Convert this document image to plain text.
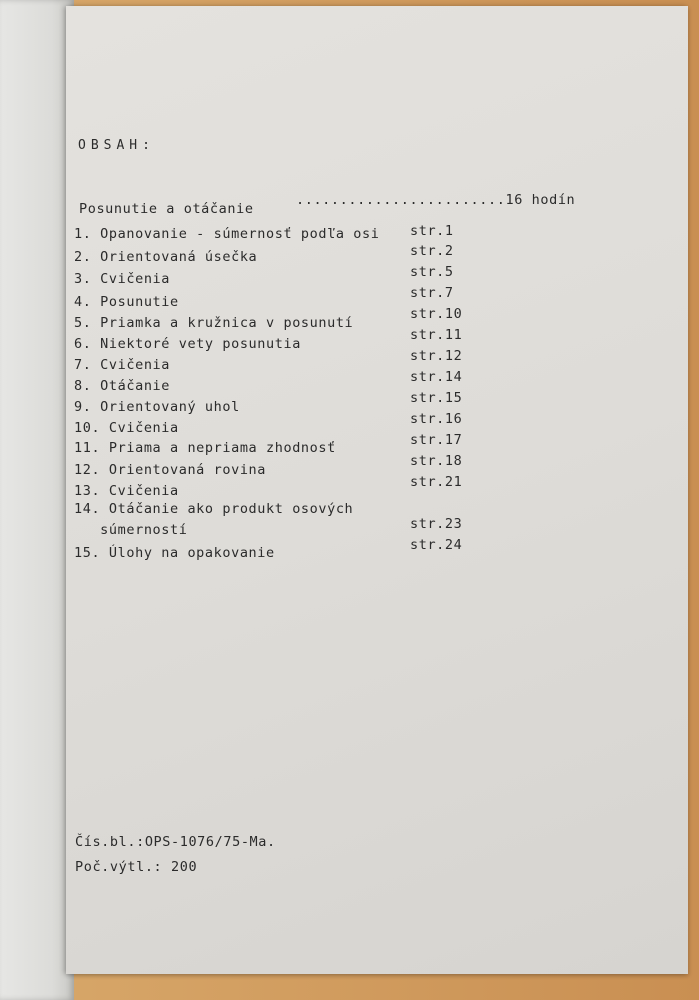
OBSAH:
Posunutie a otáčanie
........................16 hodín
1. Opanovanie - súmernosť podľa osi str.1
2. Orientovaná úsečka	str.2
3. Cvičenia	str.5
4. Posunutie
str.7
5. Priamka a kružnica v posunutí
str.10
6. Niektoré vety posunutia
str.11
7. Cvičenia
str.12
8. Otáčanie
str.14
9. Orientovaný uhol
str.15
10. Cvičenia
str.16
11. Priama a nepriama zhodnosť	str.17
12. Orientovaná rovina
str.18
13. Cvičenia
str.21
14. Otáčanie ako produkt osových
súmerností	str.23
15. Úlohy na opakovanie	str.24
Čís.bl.:OPS-1076/75-Ma.
Poč.výtl.: 200
